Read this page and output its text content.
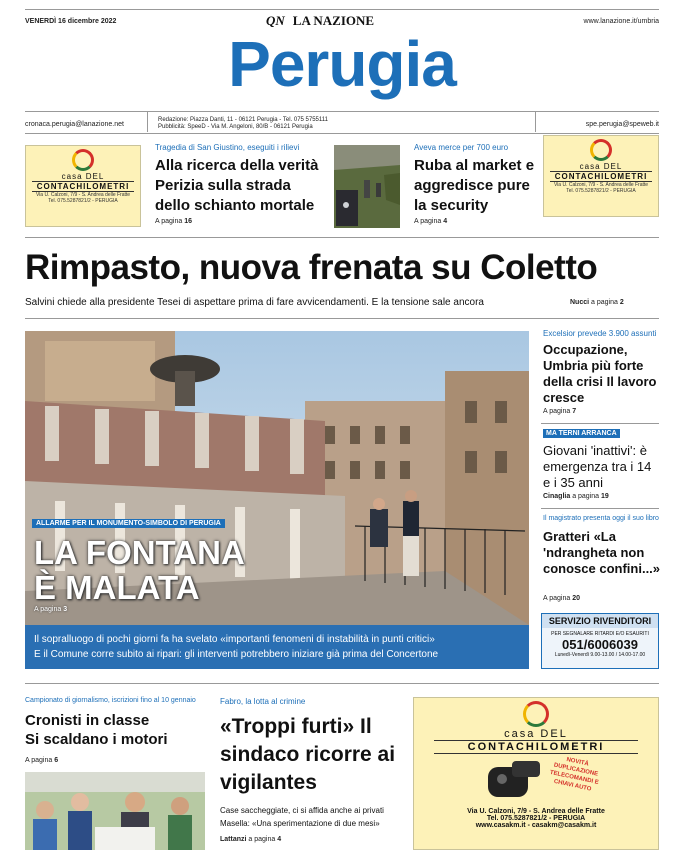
VENERDÌ 16 dicembre 2022	QN LA NAZIONE	www.lanazione.it/umbria
Perugia
cronaca.perugia@lanazione.net
Redazione: Piazza Danti, 11 - 06121 Perugia - Tel. 075 5755111
Pubblicità: SpeeD - Via M. Angeloni, 80/B - 06121 Perugia	spe.perugia@speweb.it
casa DEL
CONTACHILOMETRI
Via U. Calzoni, 7/9 - S. Andrea delle Fratte
Tel. 075.5287821/2 - PERUGIA
casa DEL
CONTACHILOMETRI
Via U. Calzoni, 7/9 - S. Andrea delle Fratte
Tel. 075.5287821/2 - PERUGIA
Tragedia di San Giustino, eseguiti i rilievi
Alla ricerca della verità Perizia sulla strada dello schianto mortale
A pagina 16
Aveva merce per 700 euro
Ruba al market e aggredisce pure la security
A pagina 4
Rimpasto, nuova frenata su Coletto
Salvini chiede alla presidente Tesei di aspettare prima di fare avvicendamenti. E la tensione sale ancora	Nucci a pagina 2
ALLARME PER IL MONUMENTO-SIMBOLO DI PERUGIA
LA FONTANA
È MALATA
A pagina 3
Il sopralluogo di pochi giorni fa ha svelato «importanti fenomeni di instabilità in punti critici»
E il Comune corre subito ai ripari: gli interventi potrebbero iniziare già prima del Concertone
Excelsior prevede 3.900 assunti
Occupazione, Umbria più forte della crisi Il lavoro cresce
A pagina 7
MA TERNI ARRANCA
Giovani 'inattivi': è emergenza tra i 14 e i 35 anni
Cinaglia a pagina 19
Il magistrato presenta oggi il suo libro
Gratteri «La 'ndrangheta non conosce confini...»
A pagina 20
SERVIZIO RIVENDITORI
PER SEGNALARE RITARDI E/O ESAURITI
051/6006039
Lunedì-Venerdì 9.00-13.00 / 14.00-17.00
Campionato di giornalismo, iscrizioni fino al 10 gennaio
Cronisti in classe
Si scaldano i motori
A pagina 6
Fabro, la lotta al crimine
«Troppi furti» Il sindaco ricorre ai vigilantes
Case saccheggiate, ci si affida anche ai privati
Masella: «Una sperimentazione di due mesi»
Lattanzi a pagina 4
casa DEL
CONTACHILOMETRI
NOVITÀ DUPLICAZIONE TELECOMANDI E CHIAVI AUTO
Via U. Calzoni, 7/9 - S. Andrea delle Fratte
Tel. 075.5287821/2 - PERUGIA
www.casakm.it - casakm@casakm.it
